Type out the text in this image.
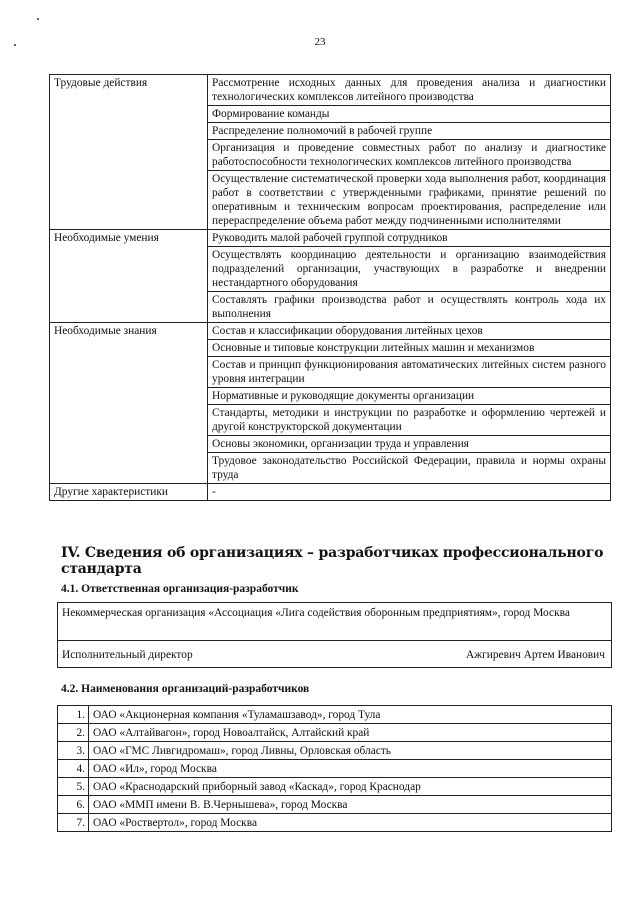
23
Трудовые действия	Рассмотрение исходных данных для проведения анализа и диагностики технологических комплексов литейного производства
	Формирование команды
	Распределение полномочий в рабочей группе
	Организация и проведение совместных работ по анализу и диагностике работоспособности технологических комплексов литейного производства
	Осуществление систематической проверки хода выполнения работ, координация работ в соответствии с утвержденными графиками, принятие решений по оперативным и техническим вопросам проектирования, распределение или перераспределение объема работ между подчиненными исполнителями
Необходимые умения	Руководить малой рабочей группой сотрудников
	Осуществлять координацию деятельности и организацию взаимодействия подразделений организации, участвующих в разработке и внедрении нестандартного оборудования
	Составлять графики производства работ и осуществлять контроль хода их выполнения
Необходимые знания	Состав и классификации оборудования литейных цехов
	Основные и типовые конструкции литейных машин и механизмов
	Состав и принцип функционирования автоматических литейных систем разного уровня интеграции
	Нормативные и руководящие документы организации
	Стандарты, методики и инструкции по разработке и оформлению чертежей и другой конструкторской документации
	Основы экономики, организации труда и управления
	Трудовое законодательство Российской Федерации, правила и нормы охраны труда
Другие характеристики	-
IV. Сведения об организациях – разработчиках профессионального стандарта
4.1. Ответственная организация-разработчик
Некоммерческая организация «Ассоциация «Лига содействия оборонным предприятиям», город Москва
Исполнительный директор	Ажгиревич Артем Иванович
4.2. Наименования организаций-разработчиков
1.	ОАО «Акционерная компания «Туламашзавод», город Тула
2.	ОАО «Алтайвагон», город Новоалтайск, Алтайский край
3.	ОАО «ГМС Ливгидромаш», город Ливны, Орловская область
4.	ОАО «Ил», город Москва
5.	ОАО «Краснодарский приборный завод «Каскад», город Краснодар
6.	ОАО «ММП имени В. В.Чернышева», город Москва
7.	ОАО «Роствертол», город Москва
